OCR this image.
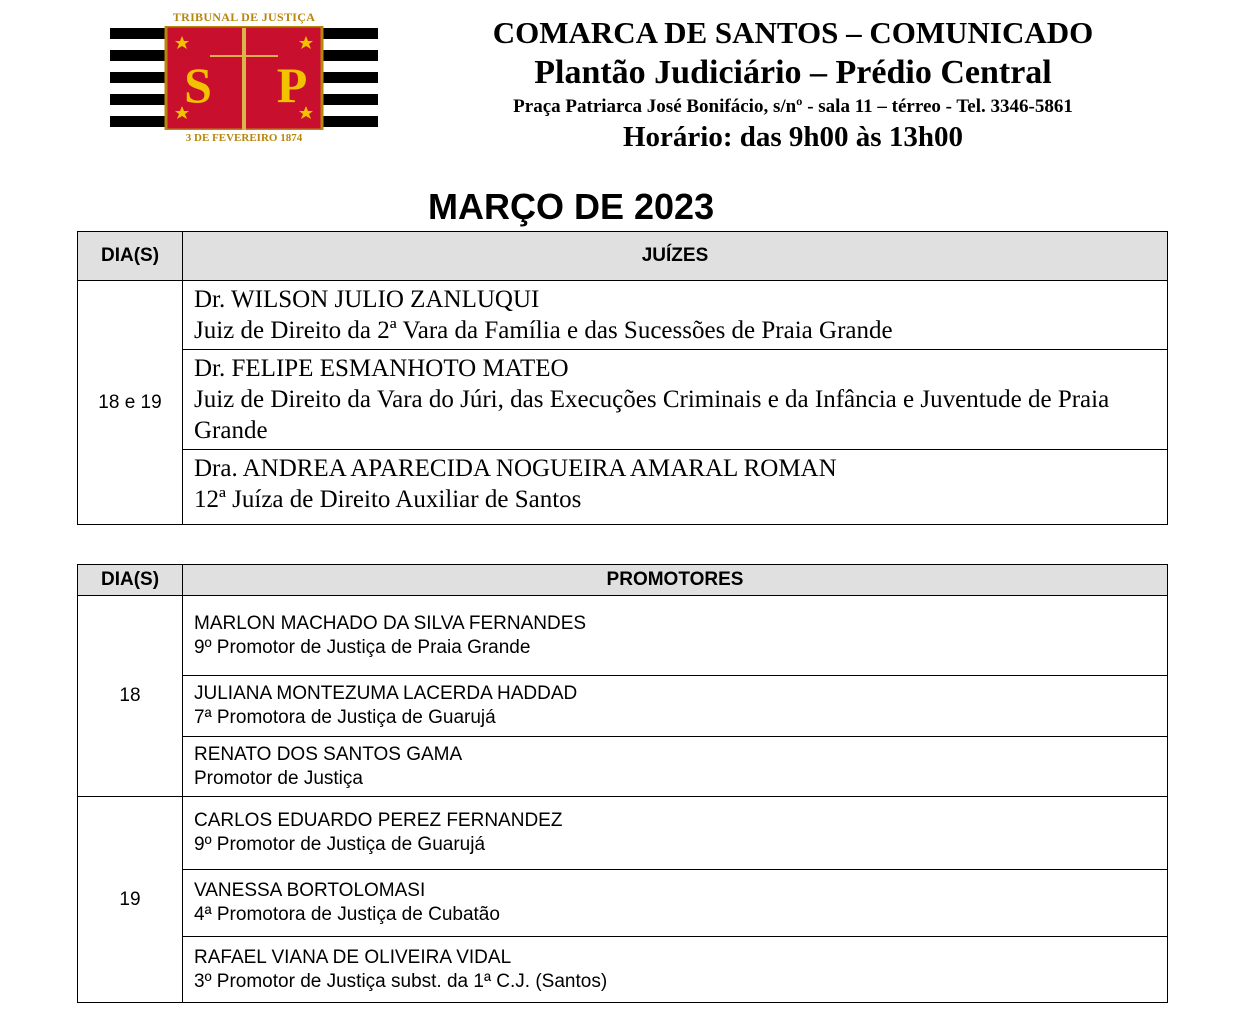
TRIBUNAL DE JUSTIÇA
S P
3 DE FEVEREIRO 1874
COMARCA DE SANTOS – COMUNICADO
Plantão Judiciário – Prédio Central
Praça Patriarca José Bonifácio, s/nº - sala 11 – térreo - Tel. 3346-5861
Horário: das 9h00 às 13h00
MARÇO DE 2023
DIA(S)	JUÍZES
18 e 19	Dr. WILSON JULIO ZANLUQUI
Juiz de Direito da 2ª Vara da Família e das Sucessões de Praia Grande

	Dr. FELIPE ESMANHOTO MATEO
Juiz de Direito da Vara do Júri, das Execuções Criminais e da Infância e Juventude de Praia Grande

	Dra. ANDREA APARECIDA NOGUEIRA AMARAL ROMAN
12ª Juíza de Direito Auxiliar de Santos
DIA(S)	PROMOTORES
18	MARLON MACHADO DA SILVA FERNANDES
9º Promotor de Justiça de Praia Grande

	JULIANA MONTEZUMA LACERDA HADDAD
7ª Promotora de Justiça de Guarujá

	RENATO DOS SANTOS GAMA
Promotor de Justiça

19	CARLOS EDUARDO PEREZ FERNANDEZ
9º Promotor de Justiça de Guarujá

	VANESSA BORTOLOMASI
4ª Promotora de Justiça de Cubatão

	RAFAEL VIANA DE OLIVEIRA VIDAL
3º Promotor de Justiça subst. da 1ª C.J. (Santos)
